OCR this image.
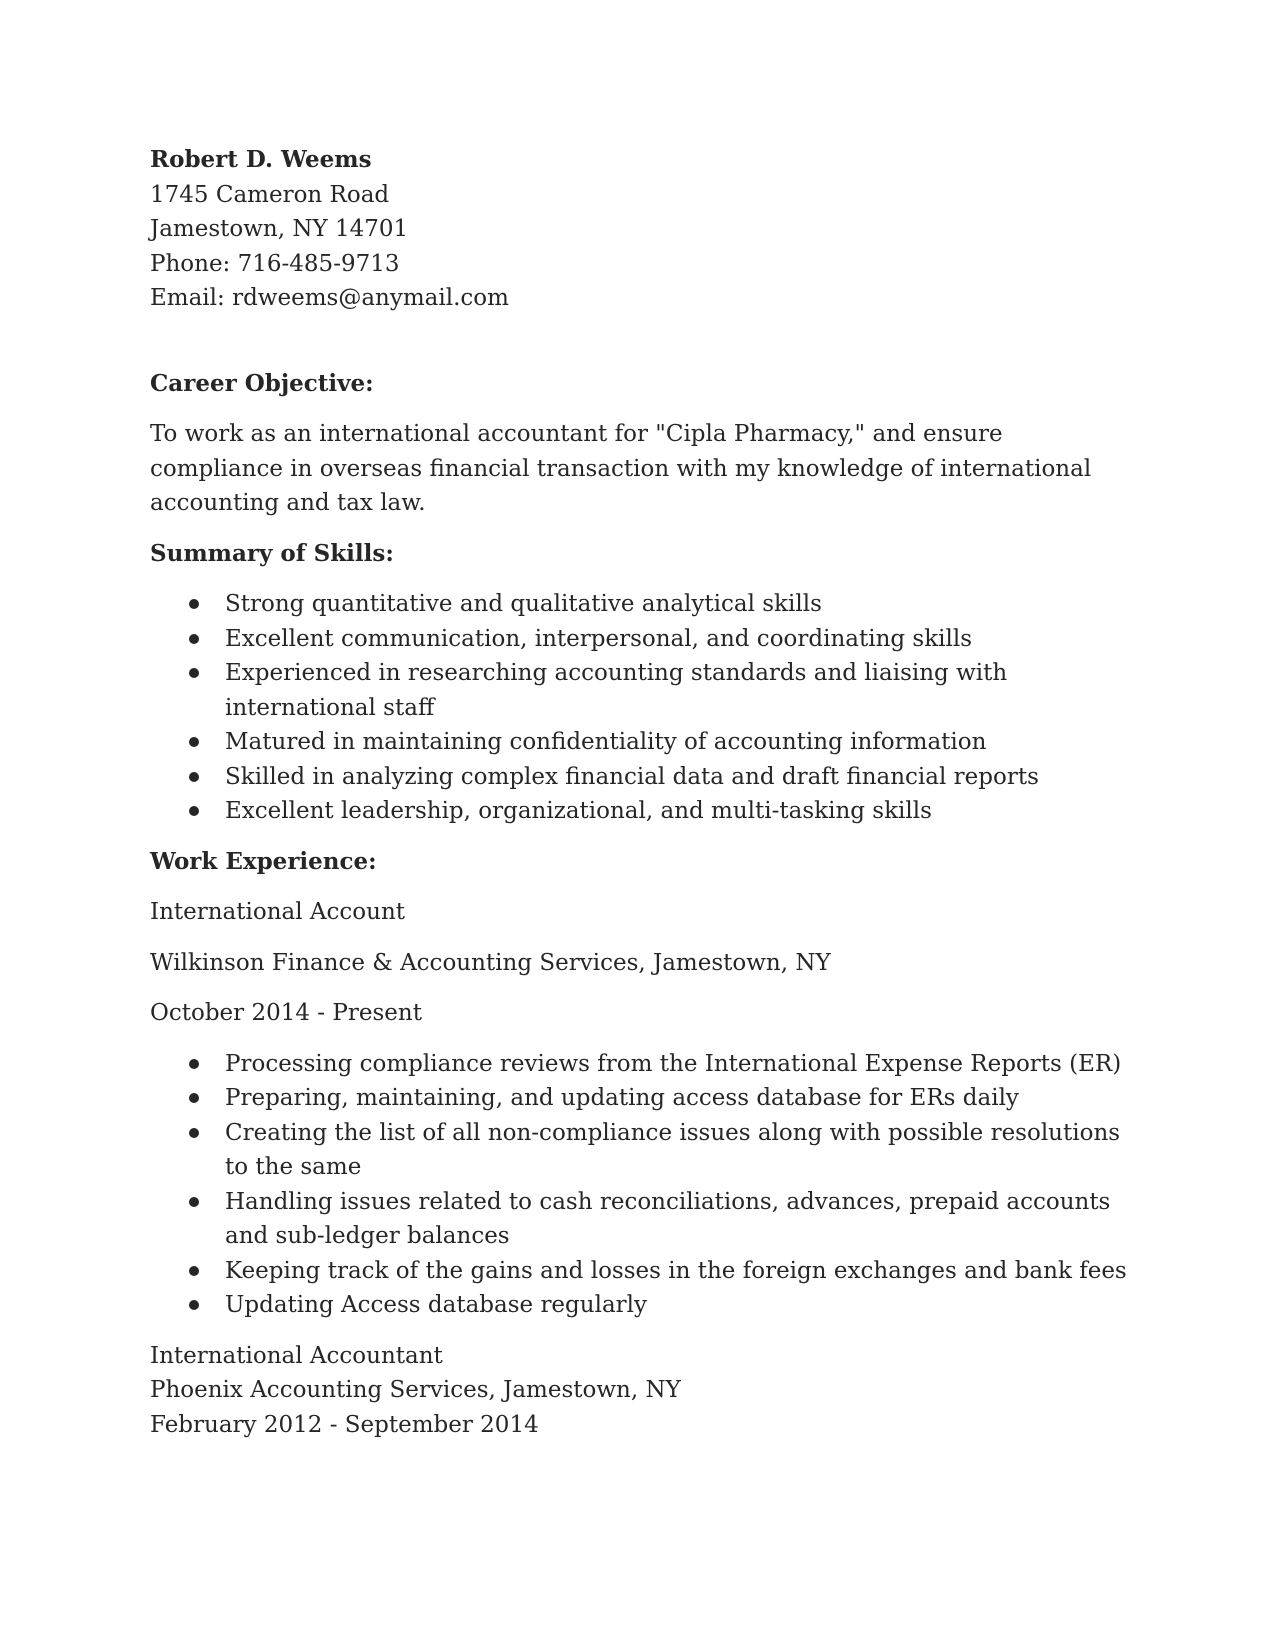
Robert D. Weems

1745 Cameron Road

Jamestown, NY 14701

Phone: 716-485-9713

Email: rdweems@anymail.com

Career Objective:

To work as an international accountant for "Cipla Pharmacy," and ensure compliance in overseas financial transaction with my knowledge of international accounting and tax law.

Summary of Skills:

Strong quantitative and qualitative analytical skills
Excellent communication, interpersonal, and coordinating skills
Experienced in researching accounting standards and liaising with international staff
Matured in maintaining confidentiality of accounting information
Skilled in analyzing complex financial data and draft financial reports
Excellent leadership, organizational, and multi-tasking skills

Work Experience:

International Account

Wilkinson Finance & Accounting Services, Jamestown, NY

October 2014 - Present

Processing compliance reviews from the International Expense Reports (ER)
Preparing, maintaining, and updating access database for ERs daily
Creating the list of all non-compliance issues along with possible resolutions to the same
Handling issues related to cash reconciliations, advances, prepaid accounts and sub-ledger balances
Keeping track of the gains and losses in the foreign exchanges and bank fees
Updating Access database regularly

International Accountant

Phoenix Accounting Services, Jamestown, NY

February 2012 - September 2014
